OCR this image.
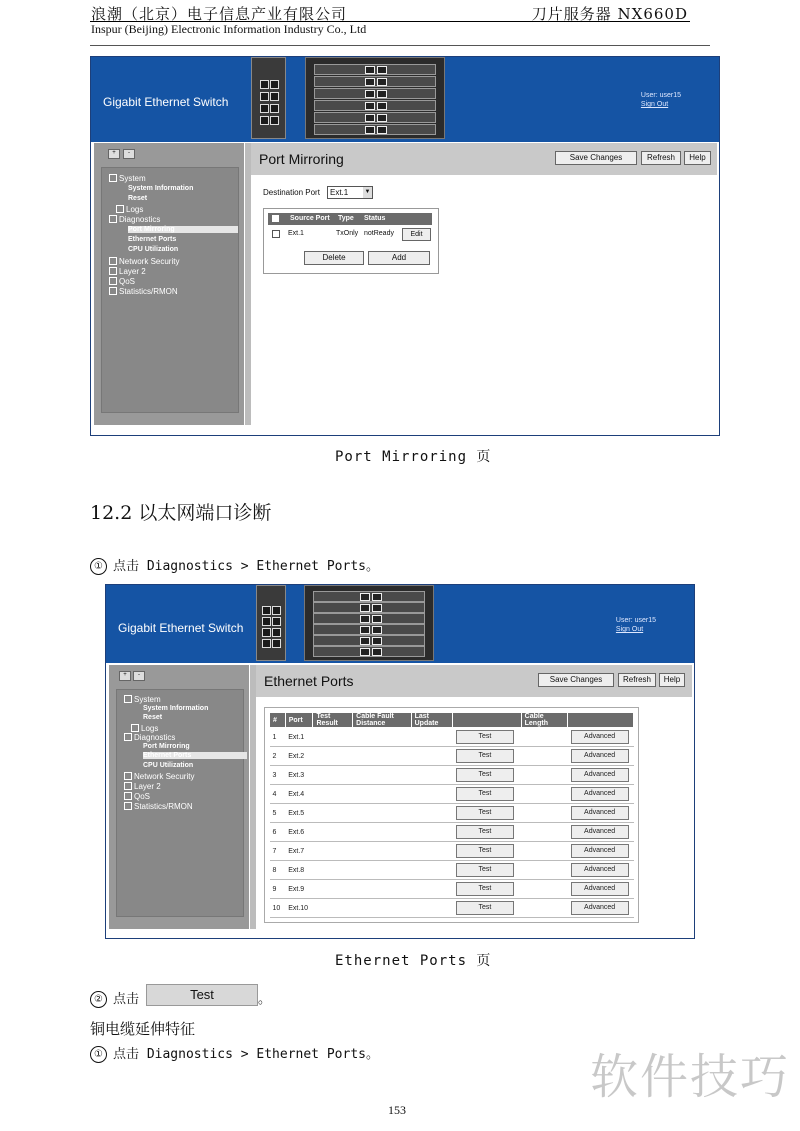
浪潮（北京）电子信息产业有限公司	刀片服务器 NX660D
Inspur (Beijing) Electronic Information Industry Co., Ltd
Gigabit Ethernet Switch	User: user15
Sign Out
+	-
System
System Information
Reset
Logs
Diagnostics
Port Mirroring
Ethernet Ports
CPU Utilization
Network Security
Layer 2
QoS
Statistics/RMON
Port Mirroring	Save Changes	Refresh	Help
Destination Port	Ext.1	▼
Source Port Type Status
Ext.1	TxOnly notReady	Edit
Delete	Add
Port Mirroring 页
12.2 以太网端口诊断
① 点击 Diagnostics > Ethernet Ports。
Gigabit Ethernet Switch
User: user15
Sign Out
+	-
System
System Information
Reset
Logs
Diagnostics
Port Mirroring
Ethernet Ports
CPU Utilization
Network Security
Layer 2
QoS
Statistics/RMON
Ethernet Ports	Save Changes	Refresh	Help
#	Port	Test Result	Cable Fault Distance	Last Update		Cable Length	
1	Ext.1				Test		Advanced
2	Ext.2				Test		Advanced
3	Ext.3				Test		Advanced
4	Ext.4				Test		Advanced
5	Ext.5				Test		Advanced
6	Ext.6				Test		Advanced
7	Ext.7				Test		Advanced
8	Ext.8				Test		Advanced
9	Ext.9				Test		Advanced
10	Ext.10				Test		Advanced
Ethernet Ports 页
② 点击	Test	。
铜电缆延伸特征
① 点击 Diagnostics > Ethernet Ports。	软件技巧
153
